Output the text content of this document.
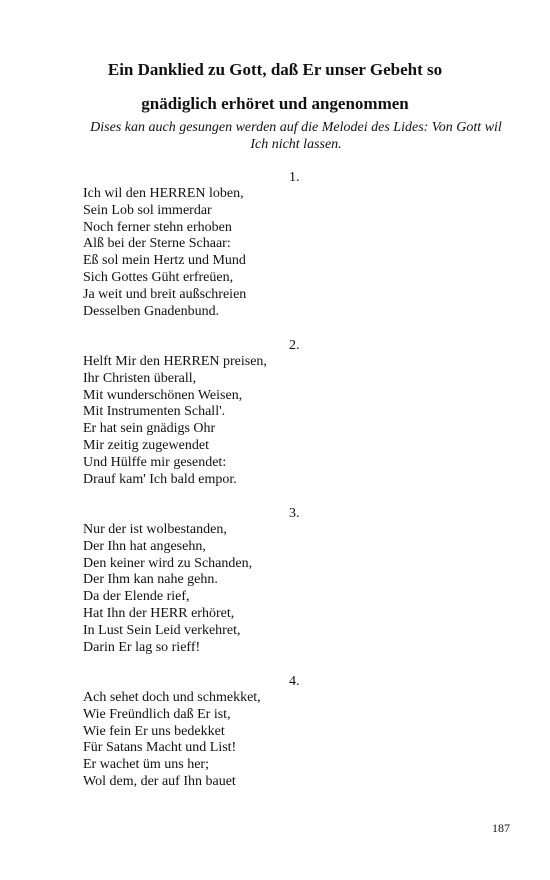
Ein Danklied zu Gott, daß Er unser Gebeht so
gnädiglich erhöret und angenommen

Dises kan auch gesungen werden auf die Melodei des Lides: Von Gott wil Ich nicht lassen.

1.
Ich wil den HERREN loben,
Sein Lob sol immerdar
Noch ferner stehn erhoben
Alß bei der Sterne Schaar:
Eß sol mein Hertz und Mund
Sich Gottes Güht erfreüen,
Ja weit und breit außschreien
Desselben Gnadenbund.
2.
Helft Mir den HERREN preisen,
Ihr Christen überall,
Mit wunderschönen Weisen,
Mit Instrumenten Schall'.
Er hat sein gnädigs Ohr
Mir zeitig zugewendet
Und Hülffe mir gesendet:
Drauf kam' Ich bald empor.
3.
Nur der ist wolbestanden,
Der Ihn hat angesehn,
Den keiner wird zu Schanden,
Der Ihm kan nahe gehn.
Da der Elende rief,
Hat Ihn der HERR erhöret,
In Lust Sein Leid verkehret,
Darin Er lag so rieff!
4.
Ach sehet doch und schmekket,
Wie Freündlich daß Er ist,
Wie fein Er uns bedekket
Für Satans Macht und List!
Er wachet üm uns her;
Wol dem, der auf Ihn bauet
187
